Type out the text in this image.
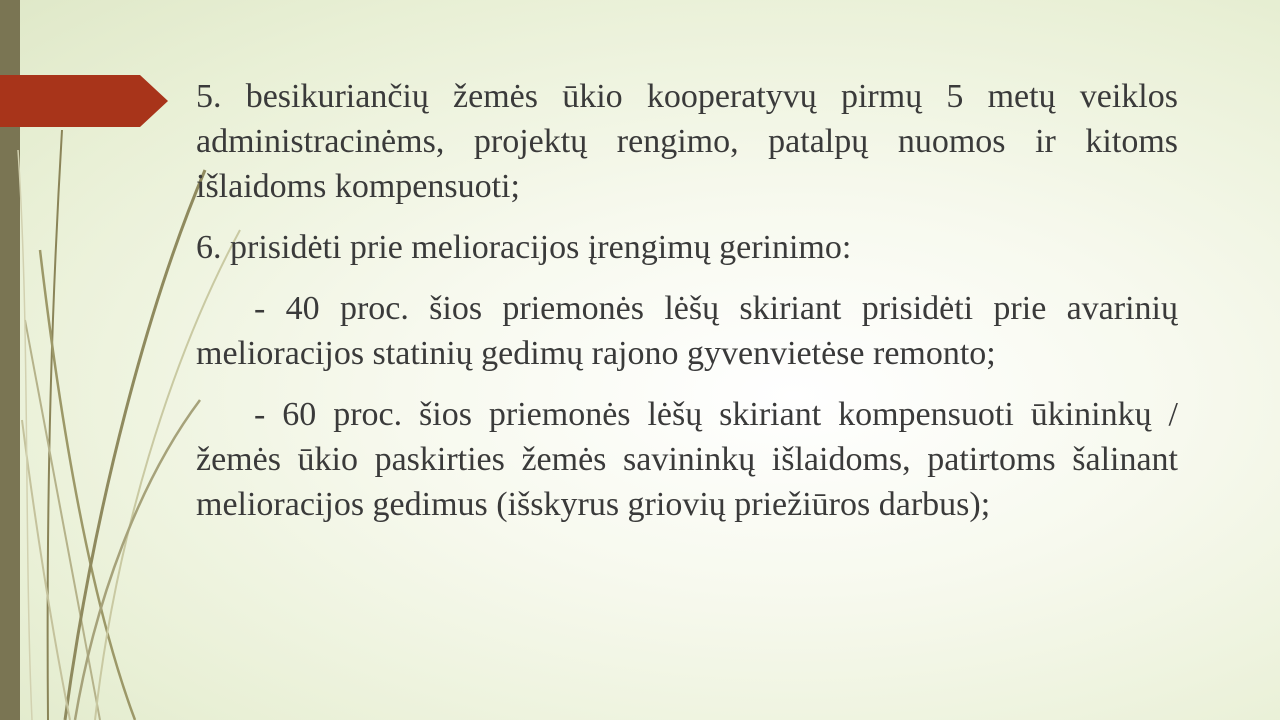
5. besikuriančių žemės ūkio kooperatyvų pirmų 5 metų veiklos administracinėms, projektų rengimo, patalpų nuomos ir kitoms išlaidoms kompensuoti;

6. prisidėti prie melioracijos įrengimų gerinimo:

- 40 proc. šios priemonės lėšų skiriant prisidėti prie avarinių melioracijos statinių gedimų rajono gyvenvietėse remonto;

- 60 proc. šios priemonės lėšų skiriant kompensuoti ūkininkų / žemės ūkio paskirties žemės savininkų išlaidoms, patirtoms šalinant melioracijos gedimus (išskyrus griovių priežiūros darbus);
